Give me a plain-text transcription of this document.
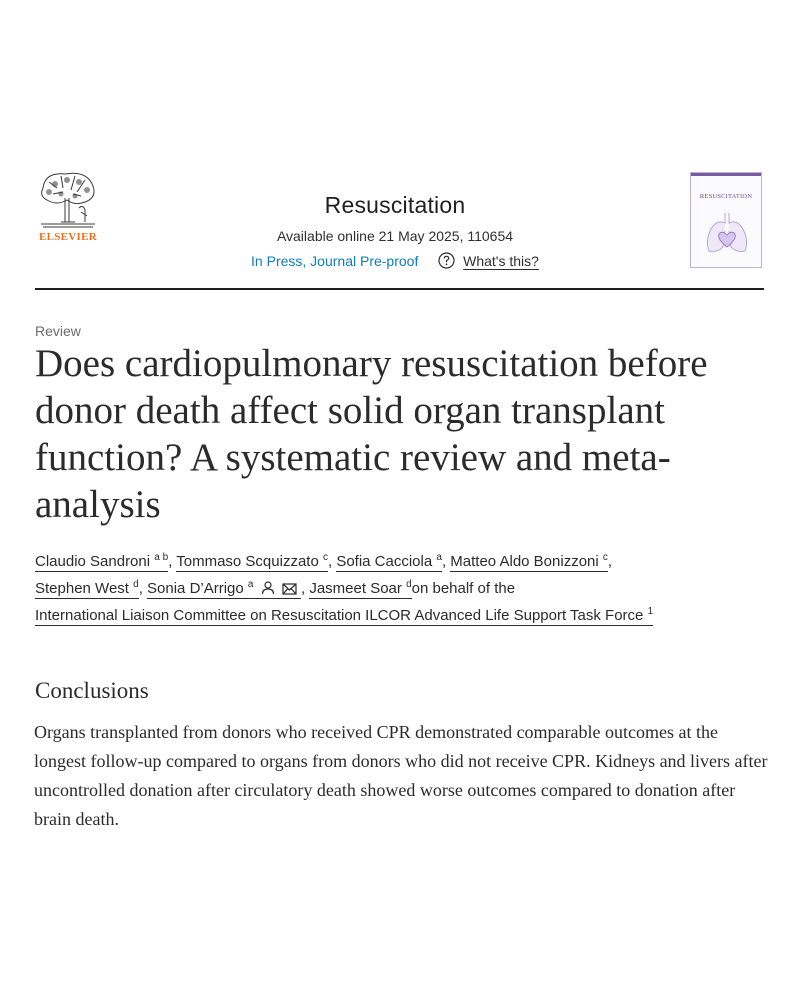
ELSEVIER
Resuscitation
Available online 21 May 2025, 110654
In Press, Journal Pre-proof	What's this?
RESUSCITATION
Review
Does cardiopulmonary resuscitation before donor death affect solid organ transplant function? A systematic review and meta-analysis
Claudio Sandroni $^{a b}$, Tommaso Scquizzato $^c$, Sofia Cacciola $^a$, Matteo Aldo Bonizzoni $^c$,
Stephen West $^d$, Sonia D’Arrigo $^a$	, Jasmeet Soar $^d$on behalf of the
International Liaison Committee on Resuscitation ILCOR Advanced Life Support Task Force $^1$
Conclusions

Organs transplanted from donors who received CPR demonstrated comparable outcomes at the longest follow-up compared to organs from donors who did not receive CPR. Kidneys and livers after uncontrolled donation after circulatory death showed worse outcomes compared to donation after brain death.
